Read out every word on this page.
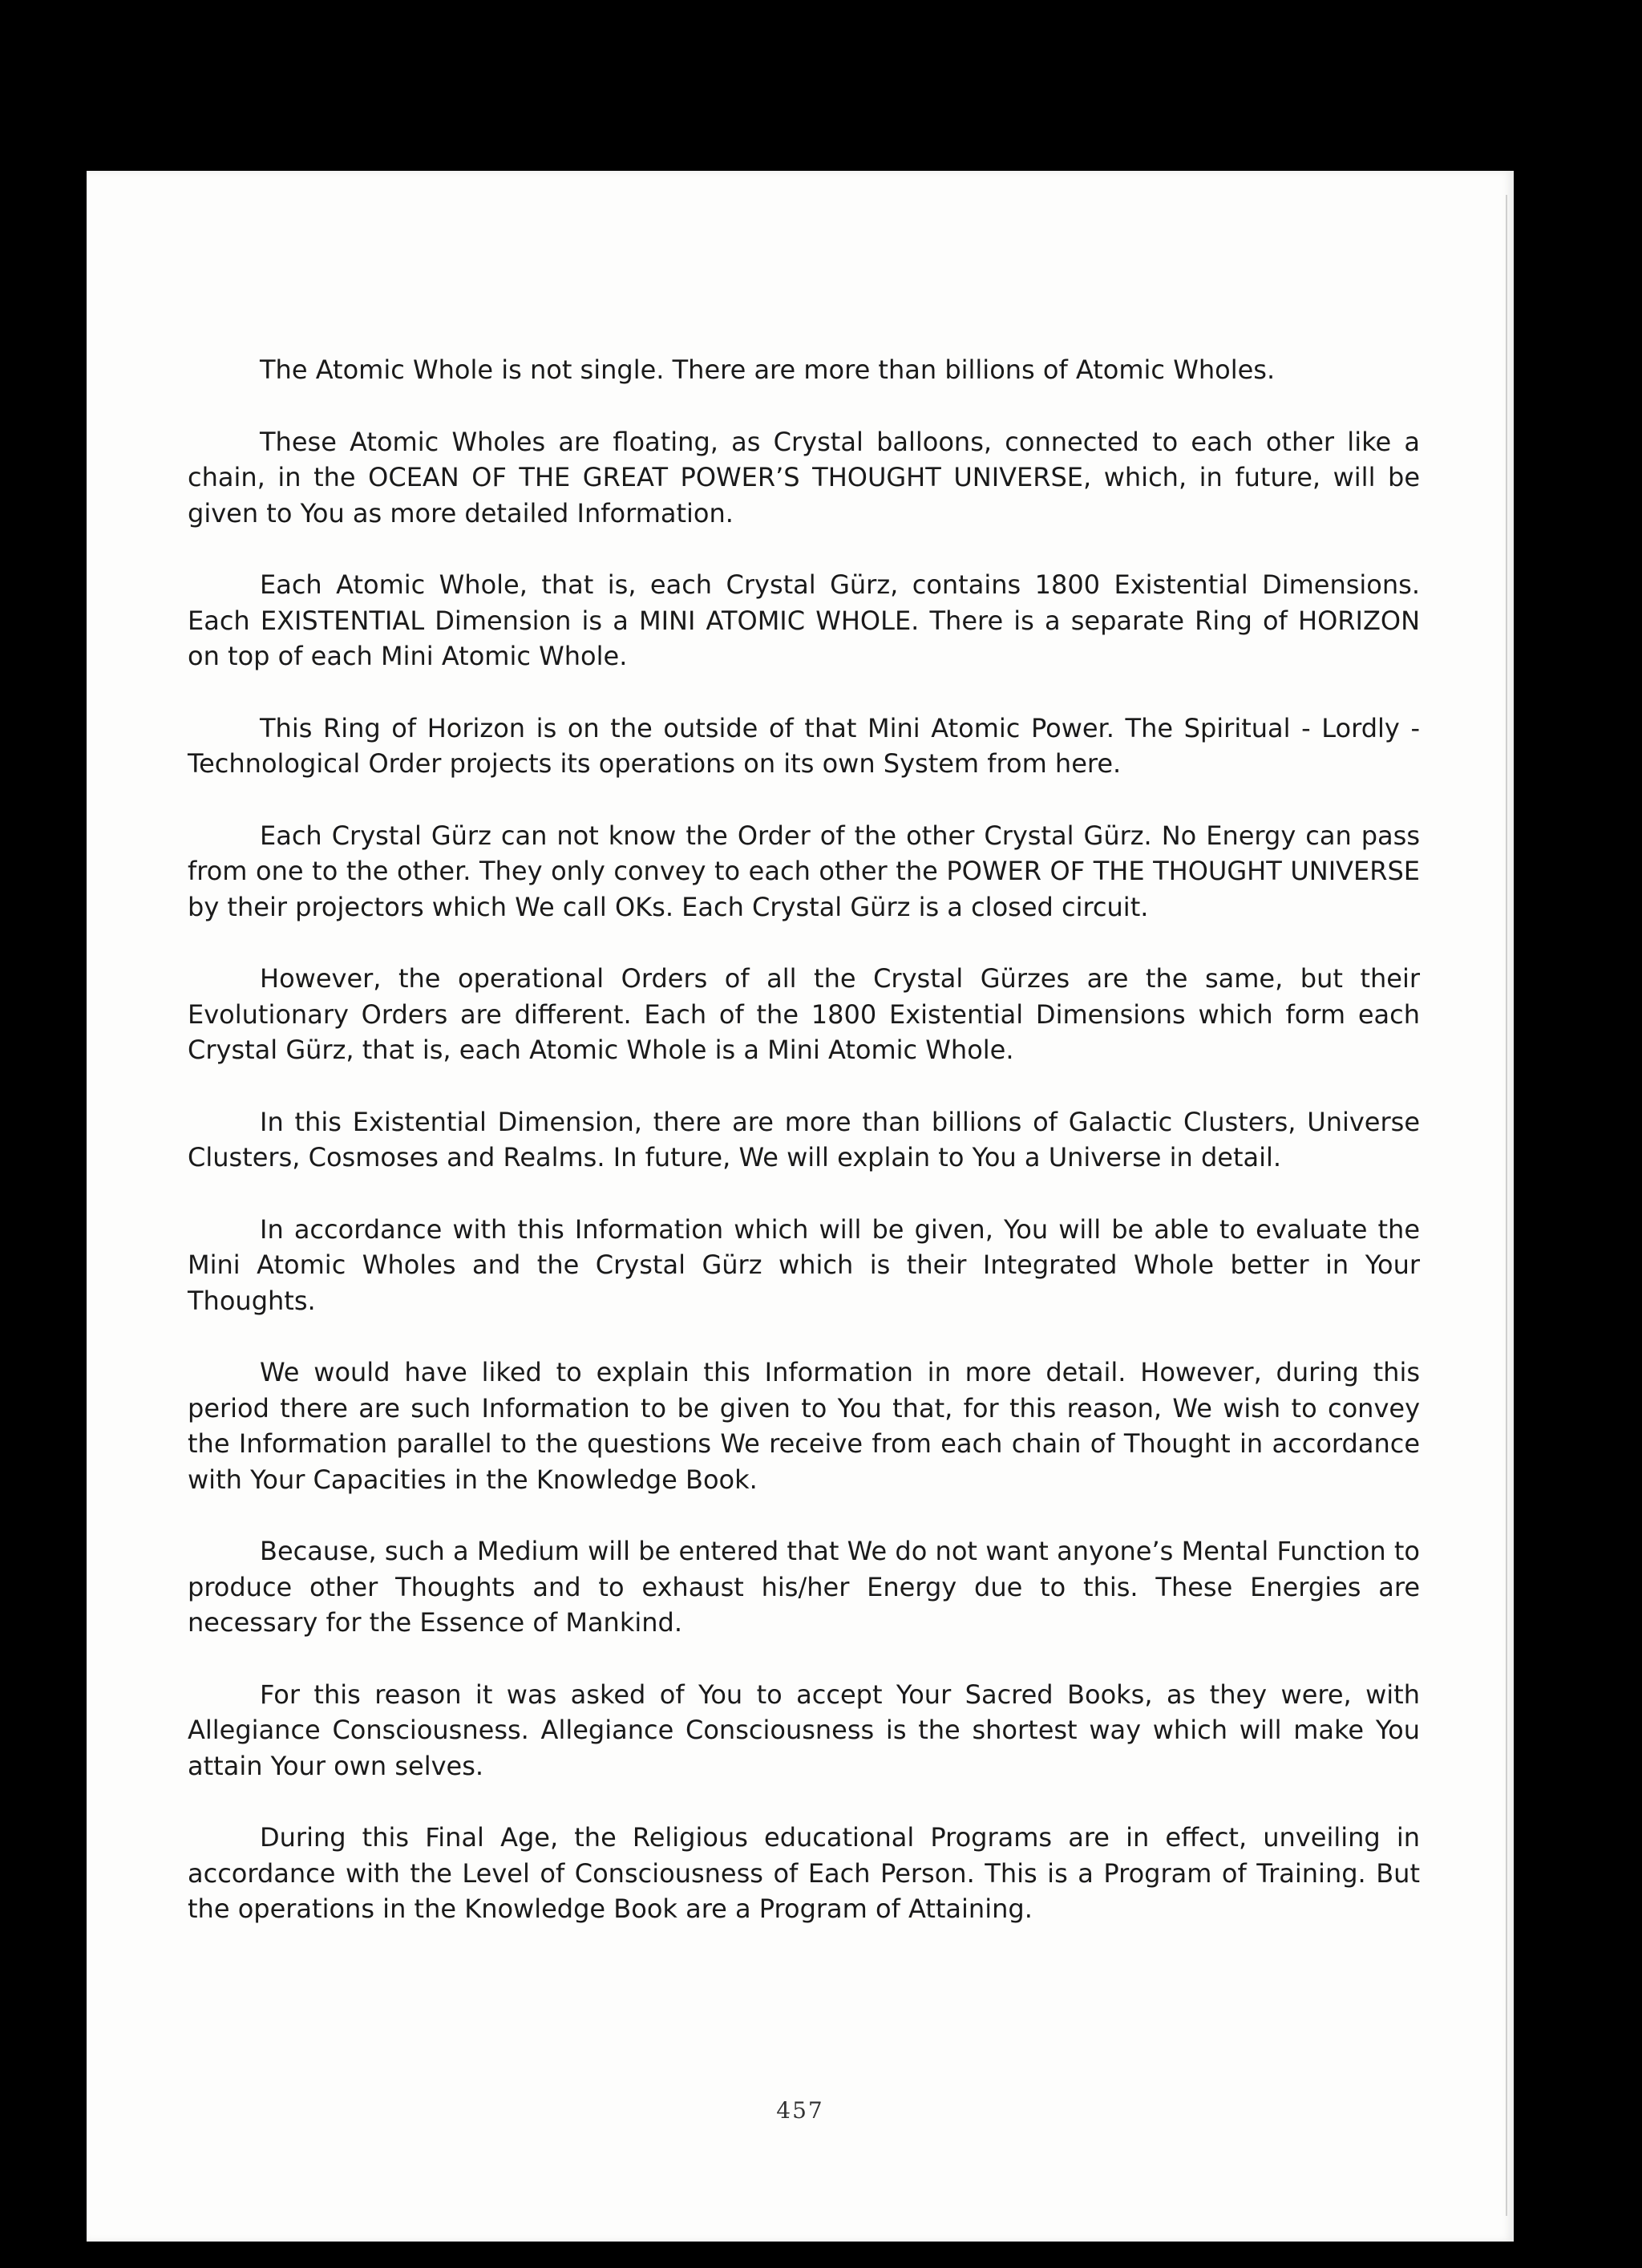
The Atomic Whole is not single. There are more than billions of Atomic Wholes.

These Atomic Wholes are floating, as Crystal balloons, connected to each other like a chain, in the OCEAN OF THE GREAT POWER’S THOUGHT UNIVERSE, which, in future, will be given to You as more detailed Information.

Each Atomic Whole, that is, each Crystal Gürz, contains 1800 Existential Dimensions. Each EXISTENTIAL Dimension is a MINI ATOMIC WHOLE. There is a separate Ring of HORIZON on top of each Mini Atomic Whole.

This Ring of Horizon is on the outside of that Mini Atomic Power. The Spiritual - Lordly - Technological Order projects its operations on its own System from here.

Each Crystal Gürz can not know the Order of the other Crystal Gürz. No Energy can pass from one to the other. They only convey to each other the POWER OF THE THOUGHT UNIVERSE by their projectors which We call OKs. Each Crystal Gürz is a closed circuit.

However, the operational Orders of all the Crystal Gürzes are the same, but their Evolutionary Orders are different. Each of the 1800 Existential Dimensions which form each Crystal Gürz, that is, each Atomic Whole is a Mini Atomic Whole.

In this Existential Dimension, there are more than billions of Galactic Clusters, Universe Clusters, Cosmoses and Realms. In future, We will explain to You a Universe in detail.

In accordance with this Information which will be given, You will be able to evaluate the Mini Atomic Wholes and the Crystal Gürz which is their Integrated Whole better in Your Thoughts.

We would have liked to explain this Information in more detail. However, during this period there are such Information to be given to You that, for this reason, We wish to convey the Information parallel to the questions We receive from each chain of Thought in accordance with Your Capacities in the Knowledge Book.

Because, such a Medium will be entered that We do not want anyone’s Mental Function to produce other Thoughts and to exhaust his/her Energy due to this. These Energies are necessary for the Essence of Mankind.

For this reason it was asked of You to accept Your Sacred Books, as they were, with Allegiance Consciousness. Allegiance Consciousness is the shortest way which will make You attain Your own selves.

During this Final Age, the Religious educational Programs are in effect, unveiling in accordance with the Level of Consciousness of Each Person. This is a Program of Training. But the operations in the Knowledge Book are a Program of Attaining.

457
